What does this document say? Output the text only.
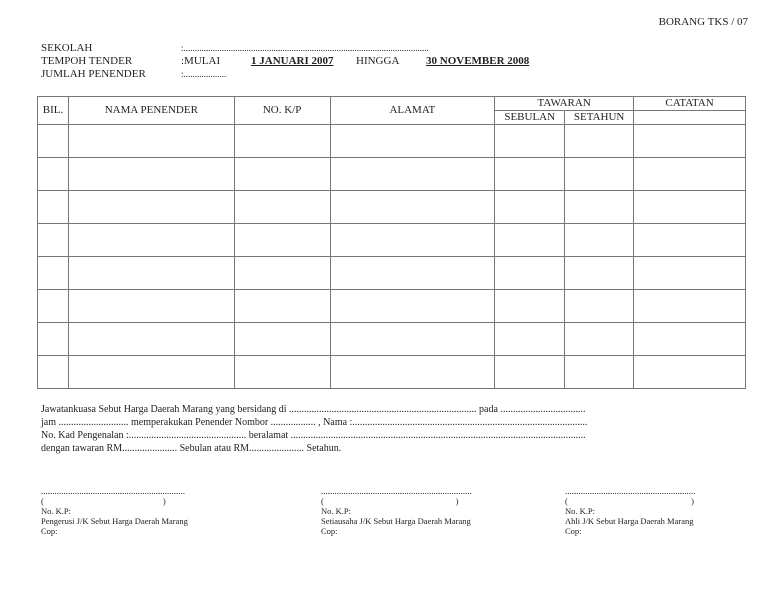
BORANG TKS / 07
SEKOLAH	:.............................................................................................................
TEMPOH TENDER	:MULAI	1 JANUARI 2007 HINGGA 30 NOVEMBER 2008
JUMLAH PENENDER	:...................
BIL.	NAMA PENENDER	NO. K/P	ALAMAT	TAWARAN		CATATAN
				SEBULAN	SETAHUN	

Jawatankuasa Sebut Harga Daerah Marang yang bersidang di ........................................................................... pada ..................................
jam ............................ memperakukan Penender Nombor .................. , Nama :..............................................................................................
No. Kad Pengenalan :............................................... beralamat ......................................................................................................................
dengan tawaran RM...................... Sebulan atau RM...................... Setahun.
................................................................
(                                                        )
No. K.P:
Pengerusi J/K Sebut Harga Daerah Marang
Cop:
...................................................................
(                                                              )
No. K.P:
Setiausaha J/K Sebut Harga Daerah Marang
Cop:
..........................................................
(                                                          )
No. K.P:
Ahli J/K Sebut Harga Daerah Marang
Cop:
